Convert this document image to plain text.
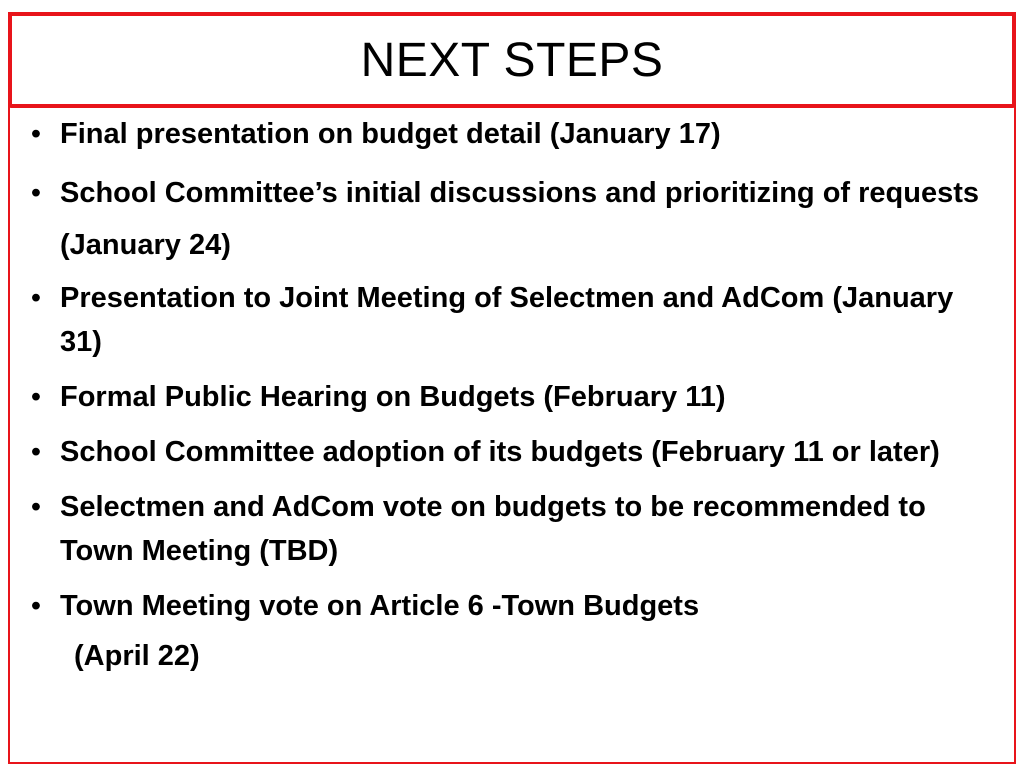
NEXT STEPS
• Final presentation on budget detail (January 17)
• School Committee’s initial discussions and prioritizing of requests (January 24)
• Presentation to Joint Meeting of Selectmen and AdCom (January 31)
• Formal Public Hearing on Budgets (February 11)
• School Committee adoption of its budgets (February 11 or later)
• Selectmen and AdCom vote on budgets to be recommended to Town Meeting (TBD)
• Town Meeting vote on Article 6 -Town Budgets
(April 22)
